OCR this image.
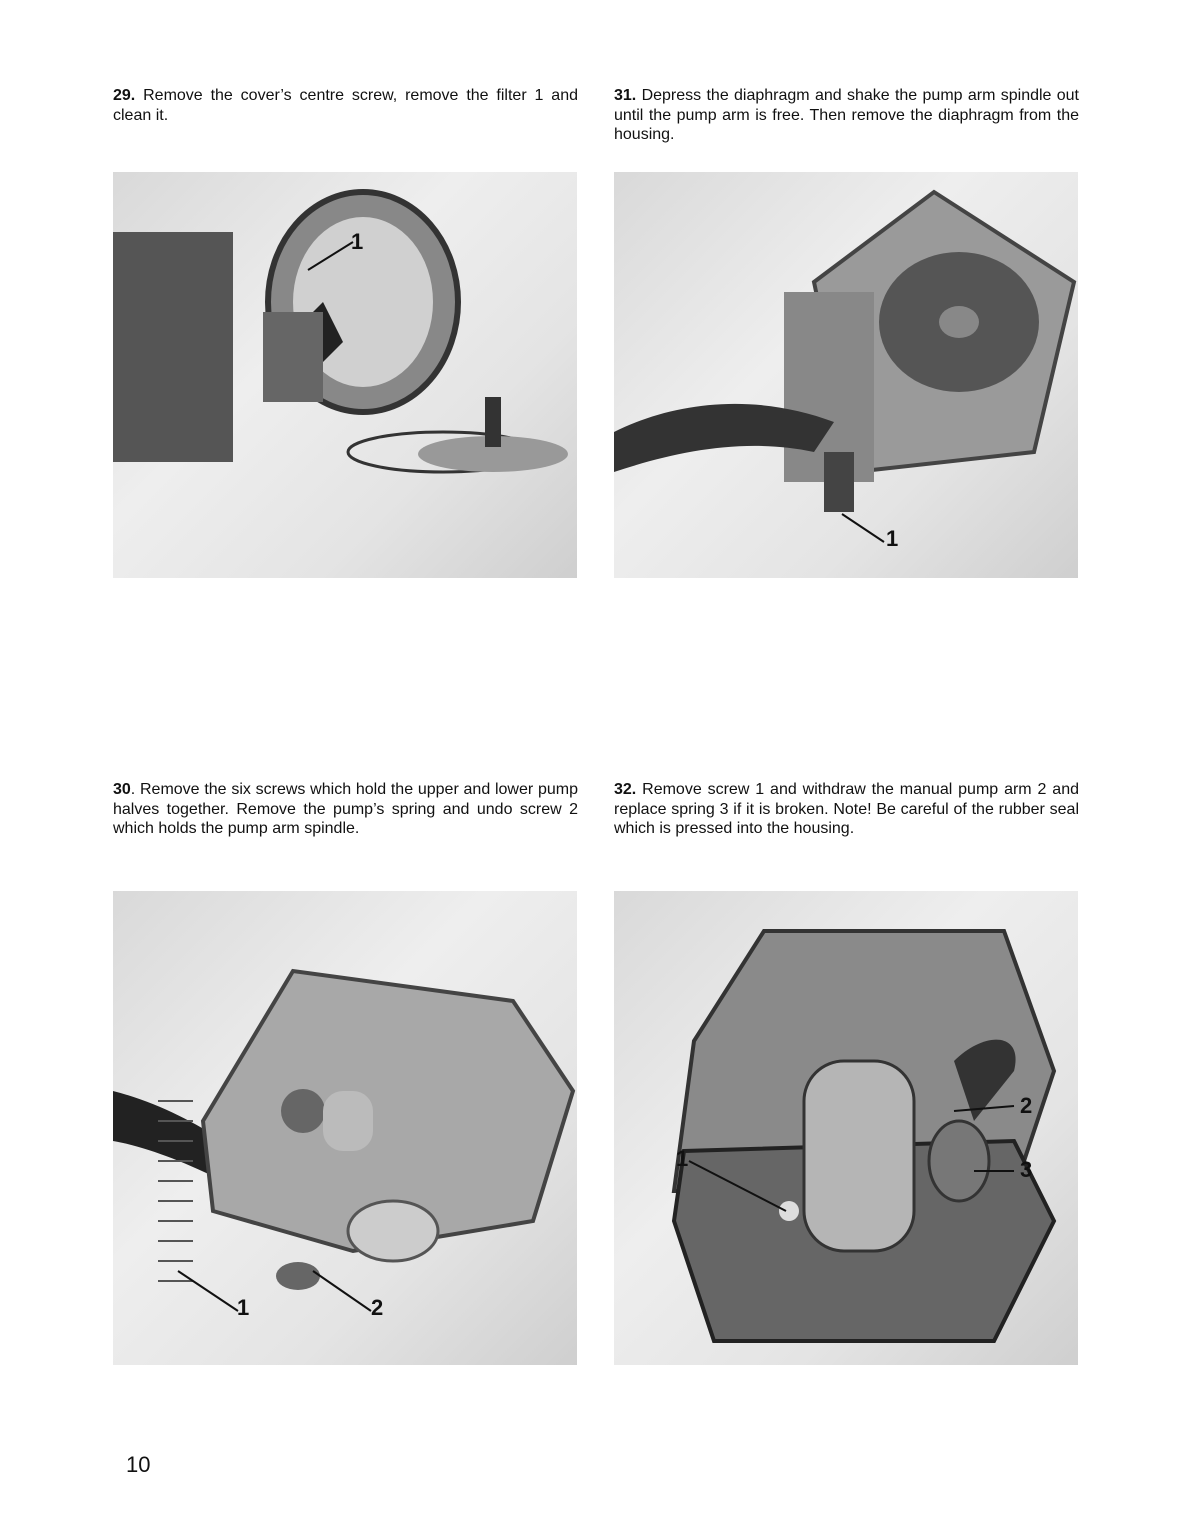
29. Remove the cover’s centre screw, remove the filter 1 and clean it.
1
31. Depress the diaphragm and shake the pump arm spindle out until the pump arm is free. Then remove the diaphragm from the housing.
1
30. Remove the six screws which hold the upper and lower pump halves together. Remove the pump’s spring and undo screw 2 which holds the pump arm spindle.
1	2
32. Remove screw 1 and withdraw the manual pump arm 2 and replace spring 3 if it is broken. Note! Be careful of the rubber seal which is pressed into the housing.
1
2
3
10
